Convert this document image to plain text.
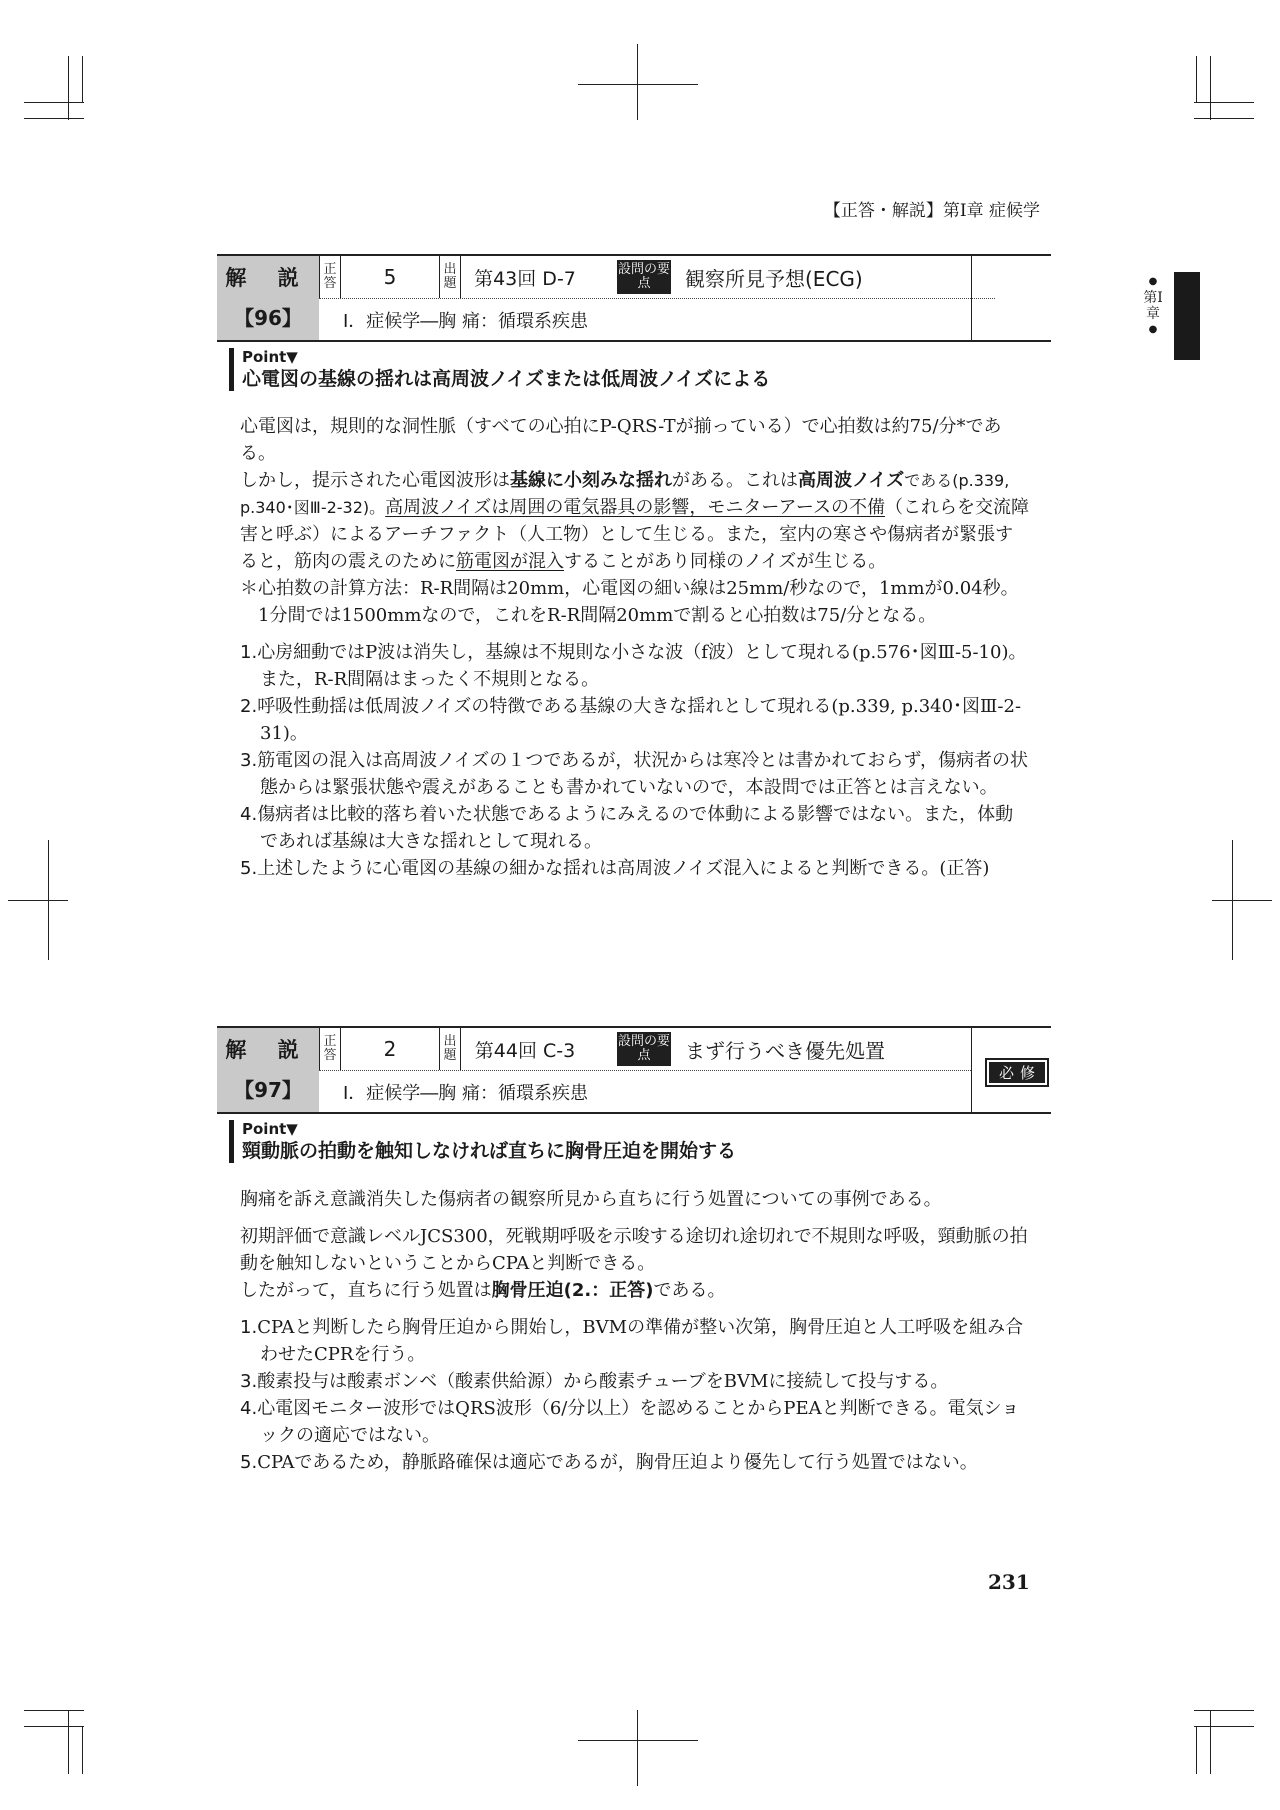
【正答・解説】第Ⅰ章 症候学
●
第Ⅰ章
●
解 説
【96】
正答	5	出題 第43回 D-7	設問の要 点	観察所見予想(ECG)
Ⅰ．症候学―胸 痛：循環系疾患
Point▼
心電図の基線の揺れは高周波ノイズまたは低周波ノイズによる

心電図は，規則的な洞性脈（すべての心拍にP-QRS-Tが揃っている）で心拍数は約75/分*である。

しかし，提示された心電図波形は基線に小刻みな揺れがある。これは高周波ノイズである(p.339, p.340･図Ⅲ-2-32)。高周波ノイズは周囲の電気器具の影響，モニターアースの不備（これらを交流障害と呼ぶ）によるアーチファクト（人工物）として生じる。また，室内の寒さや傷病者が緊張すると，筋肉の震えのために筋電図が混入することがあり同様のノイズが生じる。

＊心拍数の計算方法：R-R間隔は20mm，心電図の細い線は25mm/秒なので，1mmが0.04秒。1分間では1500mmなので，これをR-R間隔20mmで割ると心拍数は75/分となる。

1.心房細動ではP波は消失し，基線は不規則な小さな波（f波）として現れる(p.576･図Ⅲ-5-10)。また，R-R間隔はまったく不規則となる。

2.呼吸性動揺は低周波ノイズの特徴である基線の大きな揺れとして現れる(p.339, p.340･図Ⅲ-2-31)。

3.筋電図の混入は高周波ノイズの１つであるが，状況からは寒冷とは書かれておらず，傷病者の状態からは緊張状態や震えがあることも書かれていないので，本設問では正答とは言えない。

4.傷病者は比較的落ち着いた状態であるようにみえるので体動による影響ではない。また，体動であれば基線は大きな揺れとして現れる。

5.上述したように心電図の基線の細かな揺れは高周波ノイズ混入によると判断できる。(正答)

解 説
【97】
正答	2	出題 第44回 C-3	設問の要 点	まず行うべき優先処置
Ⅰ．症候学―胸 痛：循環系疾患
必修
Point▼
頸動脈の拍動を触知しなければ直ちに胸骨圧迫を開始する

胸痛を訴え意識消失した傷病者の観察所見から直ちに行う処置についての事例である。

初期評価で意識レベルJCS300，死戦期呼吸を示唆する途切れ途切れで不規則な呼吸，頸動脈の拍動を触知しないということからCPAと判断できる。

したがって，直ちに行う処置は胸骨圧迫(2.：正答)である。

1.CPAと判断したら胸骨圧迫から開始し，BVMの準備が整い次第，胸骨圧迫と人工呼吸を組み合わせたCPRを行う。

3.酸素投与は酸素ボンベ（酸素供給源）から酸素チューブをBVMに接続して投与する。

4.心電図モニター波形ではQRS波形（6/分以上）を認めることからPEAと判断できる。電気ショックの適応ではない。

5.CPAであるため，静脈路確保は適応であるが，胸骨圧迫より優先して行う処置ではない。

231
